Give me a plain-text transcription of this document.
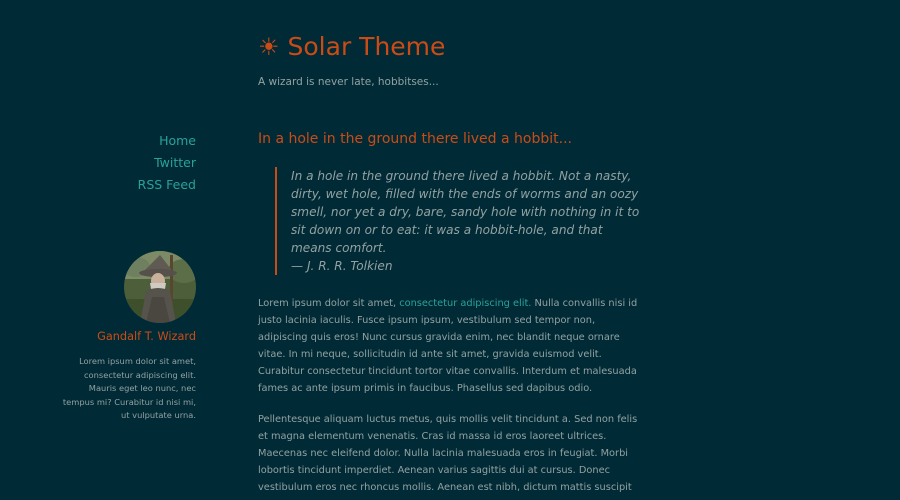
☀ Solar Theme
A wizard is never late, hobbitses...
Home
Twitter
RSS Feed
Gandalf T. Wizard
Lorem ipsum dolor sit amet, consectetur adipiscing elit. Mauris eget leo nunc, nec tempus mi? Curabitur id nisi mi, ut vulputate urna.
In a hole in the ground there lived a hobbit...
In a hole in the ground there lived a hobbit. Not a nasty, dirty, wet hole, filled with the ends of worms and an oozy smell, nor yet a dry, bare, sandy hole with nothing in it to sit down on or to eat: it was a hobbit-hole, and that means comfort.
— J. R. R. Tolkien

Lorem ipsum dolor sit amet, consectetur adipiscing elit. Nulla convallis nisi id justo lacinia iaculis. Fusce ipsum ipsum, vestibulum sed tempor non, adipiscing quis eros! Nunc cursus gravida enim, nec blandit neque ornare vitae. In mi neque, sollicitudin id ante sit amet, gravida euismod velit. Curabitur consectetur tincidunt tortor vitae convallis. Interdum et malesuada fames ac ante ipsum primis in faucibus. Phasellus sed dapibus odio.

Pellentesque aliquam luctus metus, quis mollis velit tincidunt a. Sed non felis et magna elementum venenatis. Cras id massa id eros laoreet ultrices. Maecenas nec eleifend dolor. Nulla lacinia malesuada eros in feugiat. Morbi lobortis tincidunt imperdiet. Aenean varius sagittis dui at cursus. Donec vestibulum eros nec rhoncus mollis. Aenean est nibh, dictum mattis suscipit
